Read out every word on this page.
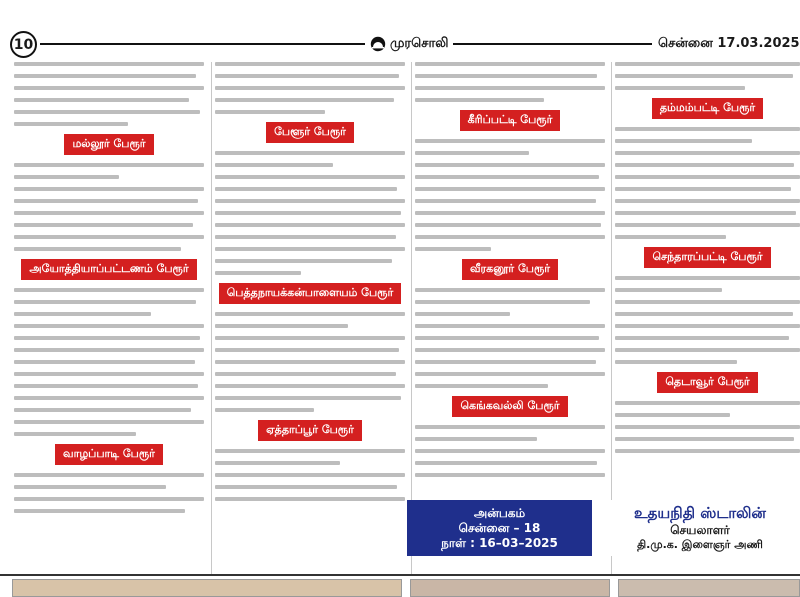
10	முரசொலி	சென்னை 17.03.2025
மல்லூர் பேரூர்
அயோத்தியாப்பட்டணம் பேரூர்
வாழப்பாடி பேரூர்
பேளூர் பேரூர்
பெத்தநாயக்கன்பாளையம் பேரூர்
ஏத்தாப்பூர் பேரூர்
கீரிப்பட்டி பேரூர்
வீரகனூர் பேரூர்
கெங்கவல்லி பேரூர்
தம்மம்பட்டி பேரூர்
செந்தாரப்பட்டி பேரூர்
தெடாவூர் பேரூர்
அன்பகம்
சென்னை – 18
நாள் : 16–03–2025
உதயநிதி ஸ்டாலின்
செயலாளர்
தி.மு.க. இளைஞர் அணி
